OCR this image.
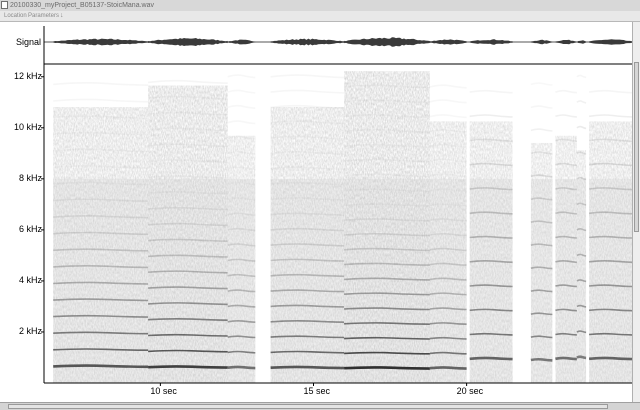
20100330_myProject_B05137-StoicMana.wav
Location Parameters ↓
Signal
12 kHz
10 kHz
8 kHz
6 kHz
4 kHz
2 kHz
10 sec	15 sec	20 sec
